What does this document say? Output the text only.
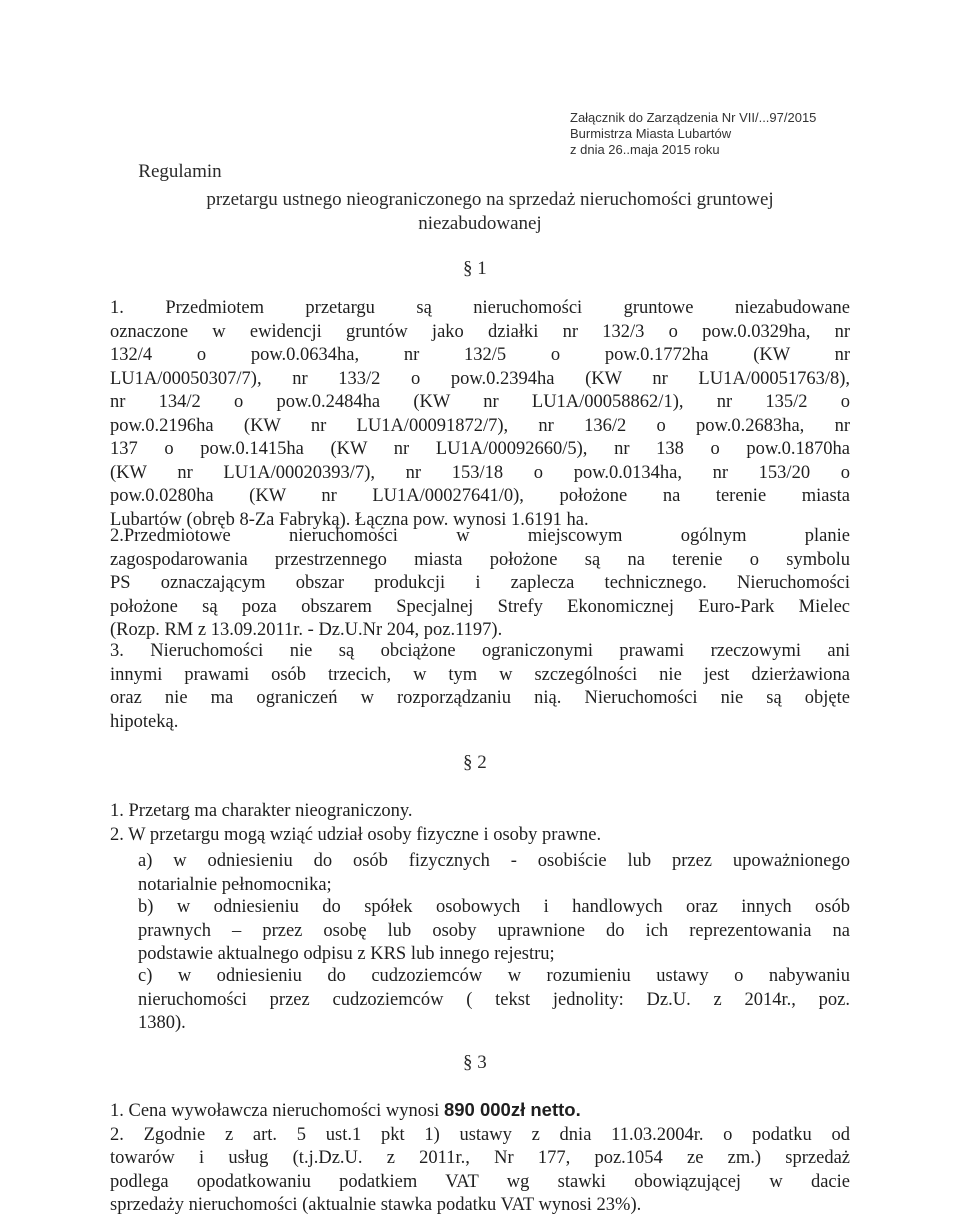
Załącznik do Zarządzenia Nr VII/...97/2015
Burmistrza Miasta Lubartów
z dnia 26..maja 2015 roku
Regulamin
przetargu ustnego nieograniczonego na sprzedaż nieruchomości gruntowej
niezabudowanej
§ 1
1. Przedmiotem przetargu są nieruchomości gruntowe niezabudowane
oznaczone w ewidencji gruntów jako działki nr 132/3 o pow.0.0329ha, nr
132/4 o pow.0.0634ha, nr 132/5 o pow.0.1772ha (KW nr
LU1A/00050307/7), nr 133/2 o pow.0.2394ha (KW nr LU1A/00051763/8),
nr 134/2 o pow.0.2484ha (KW nr LU1A/00058862/1), nr 135/2 o
pow.0.2196ha (KW nr LU1A/00091872/7), nr 136/2 o pow.0.2683ha, nr
137 o pow.0.1415ha (KW nr LU1A/00092660/5), nr 138 o pow.0.1870ha
(KW nr LU1A/00020393/7), nr 153/18 o pow.0.0134ha, nr 153/20 o
pow.0.0280ha (KW nr LU1A/00027641/0), położone na terenie miasta
Lubartów (obręb 8-Za Fabryką). Łączna pow. wynosi 1.6191 ha.
2.Przedmiotowe nieruchomości w miejscowym ogólnym planie
zagospodarowania przestrzennego miasta położone są na terenie o symbolu
PS oznaczającym obszar produkcji i zaplecza technicznego. Nieruchomości
położone są poza obszarem Specjalnej Strefy Ekonomicznej Euro-Park Mielec
(Rozp. RM z 13.09.2011r. - Dz.U.Nr 204, poz.1197).
3. Nieruchomości nie są obciążone ograniczonymi prawami rzeczowymi ani
innymi prawami osób trzecich, w tym w szczególności nie jest dzierżawiona
oraz nie ma ograniczeń w rozporządzaniu nią. Nieruchomości nie są objęte
hipoteką.
§ 2
1. Przetarg ma charakter nieograniczony.
2. W przetargu mogą wziąć udział osoby fizyczne i osoby prawne.
a) w odniesieniu do osób fizycznych - osobiście lub przez upoważnionego
notarialnie pełnomocnika;
b) w odniesieniu do spółek osobowych i handlowych oraz innych osób
prawnych – przez osobę lub osoby uprawnione do ich reprezentowania na
podstawie aktualnego odpisu z KRS lub innego rejestru;
c) w odniesieniu do cudzoziemców w rozumieniu ustawy o nabywaniu
nieruchomości przez cudzoziemców ( tekst jednolity: Dz.U. z 2014r., poz.
1380).
§ 3
1. Cena wywoławcza nieruchomości wynosi 890 000zł netto.
2. Zgodnie z art. 5 ust.1 pkt 1) ustawy z dnia 11.03.2004r. o podatku od
towarów i usług (t.j.Dz.U. z 2011r., Nr 177, poz.1054 ze zm.) sprzedaż
podlega opodatkowaniu podatkiem VAT wg stawki obowiązującej w dacie
sprzedaży nieruchomości (aktualnie stawka podatku VAT wynosi 23%).
